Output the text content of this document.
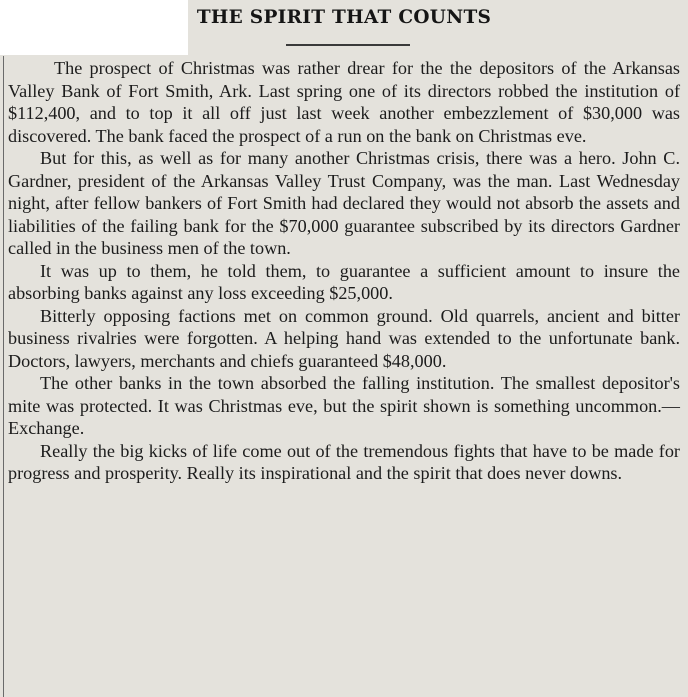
THE SPIRIT THAT COUNTS

The prospect of Christmas was rather drear for the the depositors of the Arkansas Valley Bank of Fort Smith, Ark. Last spring one of its directors robbed the institution of $112,400, and to top it all off just last week another embezzlement of $30,000 was discovered. The bank faced the prospect of a run on the bank on Christmas eve.

But for this, as well as for many another Christmas crisis, there was a hero. John C. Gardner, president of the Arkansas Valley Trust Company, was the man. Last Wednesday night, after fellow bankers of Fort Smith had declared they would not absorb the assets and liabilities of the failing bank for the $70,000 guarantee subscribed by its directors Gardner called in the business men of the town.

It was up to them, he told them, to guarantee a sufficient amount to insure the absorbing banks against any loss exceeding $25,000.

Bitterly opposing factions met on common ground. Old quarrels, ancient and bitter business rivalries were forgotten. A helping hand was extended to the unfortunate bank. Doctors, lawyers, merchants and chiefs guaranteed $48,000.

The other banks in the town absorbed the falling institution. The smallest depositor's mite was protected. It was Christmas eve, but the spirit shown is something uncommon.—Exchange.

Really the big kicks of life come out of the tremendous fights that have to be made for progress and prosperity. Really its inspirational and the spirit that does never downs.
